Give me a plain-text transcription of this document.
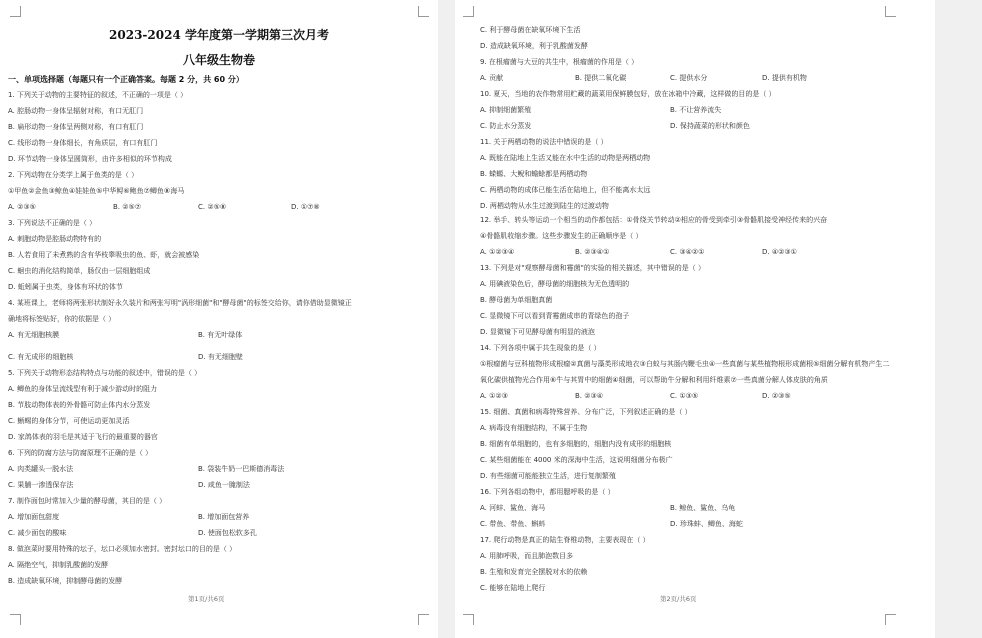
2023-2024 学年度第一学期第三次月考
八年级生物卷
一、单项选择题（每题只有一个正确答案。每题 2 分，共 60 分）
1. 下列关于动物的主要特征的叙述，不正确的一项是（ ）
A. 腔肠动物一身体呈辐射对称，有口无肛门
B. 扁形动物一身体呈两侧对称，有口有肛门
C. 线形动物一身体细长，有角质层，有口有肛门
D. 环节动物一身体呈圆筒形，由许多相似的环节构成
2. 下列动物在分类学上属于鱼类的是（ ）
①甲鱼②金鱼③鲸鱼④娃娃鱼⑤中华鲟⑥鲍鱼⑦鲫鱼⑧海马
A. ②③⑤	B. ②⑤⑦	C. ②⑤⑧	D. ①⑦⑧
3. 下列说法不正确的是（ ）
A. 刺胞动物是腔肠动物特有的
B. 人若食用了未煮熟的含有华枝睾吸虫的鱼、虾，就会被感染
C. 蛔虫的消化结构简单，肠仅由一层细胞组成
D. 蚯蚓属于虫类，身体有环状的体节
4. 某班课上，老师将两张形状制好永久装片和两张写明"涡形细菌"和"酵母菌"的标签交给你，请你借助显微镜正
确地将标签贴好，你的依据是（ ）
A. 有无细胞核膜	B. 有无叶绿体
C. 有无成形的细胞核	D. 有无细胞壁
5. 下列关于动物形态结构特点与功能的叙述中，错误的是（ ）
A. 鲫鱼的身体呈流线型有利于减少游动时的阻力
B. 节肢动物体表的外骨骼可防止体内水分蒸发
C. 蜥蜴的身体分节，可使运动更加灵活
D. 家鸽体表的羽毛是其适于飞行的最重要的器官
6. 下列的防腐方法与防腐原理不正确的是（ ）
A. 肉类罐头一脱水法	B. 袋装牛奶一巴斯德消毒法
C. 果脯一渗透保存法	D. 咸鱼一腌制法
7. 制作面包时常加入少量的酵母菌，其目的是（ ）
A. 增加面包甜度	B. 增加面包营养
C. 减少面包的酸味	D. 使面包松软多孔
8. 做泡菜时要用特殊的坛子，坛口必须加水密封。密封坛口的目的是（ ）
A. 隔绝空气，抑制乳酸菌的发酵
B. 造成缺氧环境，抑制酵母菌的发酵
第1页/共6页
C. 利于酵母菌在缺氧环境下生活
D. 造成缺氧环境，利于乳酸菌发酵
9. 在根瘤菌与大豆的共生中，根瘤菌的作用是（ ）
A. 贡献	B. 提供二氧化碳	C. 提供水分	D. 提供有机物
10. 夏天，当地的农作物常用贮藏的蔬菜用保鲜膜包好，放在冰箱中冷藏，这样做的目的是（ ）
A. 抑制细菌繁殖	B. 不让营养流失
C. 防止水分蒸发	D. 保持蔬菜的形状和颜色
11. 关于两栖动物的说法中错误的是（ ）
A. 既能在陆地上生活又能在水中生活的动物是两栖动物
B. 蝾螈、大鲵和蟾蜍都是两栖动物
C. 两栖动物的成体已能生活在陆地上，但不能离水太远
D. 两栖动物从水生过渡到陆生的过渡动物
12. 举手、转头等运动一个相当的动作都包括：①骨绕关节转动②相应的骨受到牵引③骨骼肌接受神经传来的兴奋
④骨骼肌收缩步骤。这些步骤发生的正确顺序是（ ）
A. ①②③④	B. ②③④①	C. ③④②①	D. ④②③①
13. 下列是对"观察酵母菌和霉菌"的实验的相关描述，其中错误的是（ ）
A. 用碘液染色后，酵母菌的细胞核为无色透明的
B. 酵母菌为单细胞真菌
C. 显微镜下可以看到青霉菌成串的青绿色的孢子
D. 显微镜下可见酵母菌有明显的液泡
14. 下列各项中属于共生现象的是（ ）
①根瘤菌与豆科植物形成根瘤②真菌与藻类形成地衣③白蚁与其肠内鞭毛虫④一些真菌与某些植物根形成菌根⑤细菌分解有机物产生二
氧化碳供植物光合作用⑥牛与其胃中的细菌④细菌，可以帮助牛分解和利用纤维素⑦一些真菌分解人体皮肤的角质
A. ①②③	B. ②③④	C. ①③⑤	D. ②③⑤
15. 细菌、真菌和病毒特殊营养、分布广泛，下列叙述正确的是（ ）
A. 病毒没有细胞结构，不属于生物
B. 细菌有单细胞的，也有多细胞的，细胞内没有成形的细胞核
C. 某些细菌能在 4000 米的深海中生活，这说明细菌分布极广
D. 有些细菌可能能独立生活，进行复制繁殖
16. 下列各组动物中，都用腮呼吸的是（ ）
A. 河蚌、鲨鱼、海马	B. 鲸鱼、鲨鱼、乌龟
C. 带鱼、带鱼、蝌蚪	D. 珍珠蚌、鲫鱼、海蛇
17. 爬行动物是真正的陆生脊椎动物，主要表现在（ ）
A. 用肺呼吸，而且肺泡数目多
B. 生殖和发育完全摆脱对水的依赖
C. 能够在陆地上爬行
第2页/共6页
